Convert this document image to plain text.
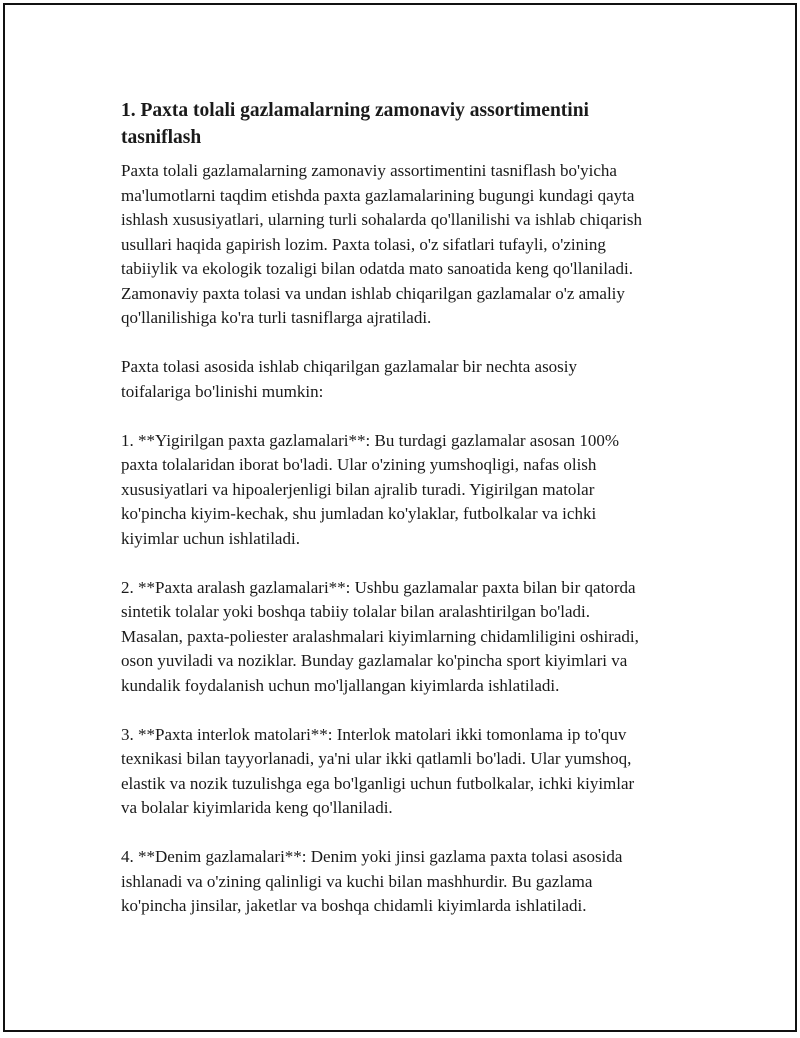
1. Paxta tolali gazlamalarning zamonaviy assortimentini
tasniflash

Paxta tolali gazlamalarning zamonaviy assortimentini tasniflash bo'yicha
ma'lumotlarni taqdim etishda paxta gazlamalarining bugungi kundagi qayta
ishlash xususiyatlari, ularning turli sohalarda qo'llanilishi va ishlab chiqarish
usullari haqida gapirish lozim. Paxta tolasi, o'z sifatlari tufayli, o'zining
tabiiylik va ekologik tozaligi bilan odatda mato sanoatida keng qo'llaniladi.
Zamonaviy paxta tolasi va undan ishlab chiqarilgan gazlamalar o'z amaliy
qo'llanilishiga ko'ra turli tasniflarga ajratiladi.

Paxta tolasi asosida ishlab chiqarilgan gazlamalar bir nechta asosiy
toifalariga bo'linishi mumkin:

1. **Yigirilgan paxta gazlamalari**: Bu turdagi gazlamalar asosan 100%
paxta tolalaridan iborat bo'ladi. Ular o'zining yumshoqligi, nafas olish
xususiyatlari va hipoalerjenligi bilan ajralib turadi. Yigirilgan matolar
ko'pincha kiyim-kechak, shu jumladan ko'ylaklar, futbolkalar va ichki
kiyimlar uchun ishlatiladi.

2. **Paxta aralash gazlamalari**: Ushbu gazlamalar paxta bilan bir qatorda
sintetik tolalar yoki boshqa tabiiy tolalar bilan aralashtirilgan bo'ladi.
Masalan, paxta-poliester aralashmalari kiyimlarning chidamliligini oshiradi,
oson yuviladi va noziklar. Bunday gazlamalar ko'pincha sport kiyimlari va
kundalik foydalanish uchun mo'ljallangan kiyimlarda ishlatiladi.

3. **Paxta interlok matolari**: Interlok matolari ikki tomonlama ip to'quv
texnikasi bilan tayyorlanadi, ya'ni ular ikki qatlamli bo'ladi. Ular yumshoq,
elastik va nozik tuzulishga ega bo'lganligi uchun futbolkalar, ichki kiyimlar
va bolalar kiyimlarida keng qo'llaniladi.

4. **Denim gazlamalari**: Denim yoki jinsi gazlama paxta tolasi asosida
ishlanadi va o'zining qalinligi va kuchi bilan mashhurdir. Bu gazlama
ko'pincha jinsilar, jaketlar va boshqa chidamli kiyimlarda ishlatiladi.
